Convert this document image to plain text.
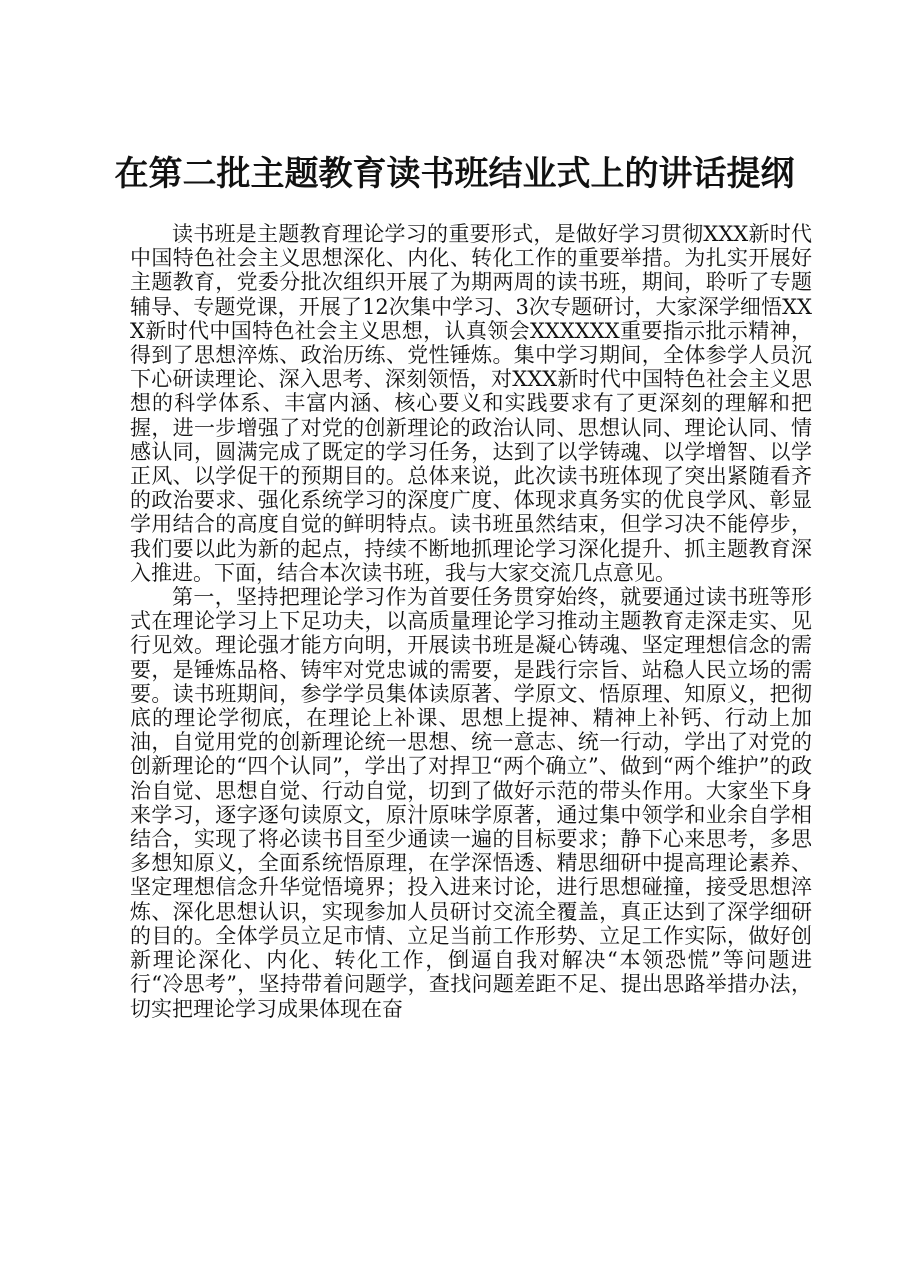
在第二批主题教育读书班结业式上的讲话提纲

读书班是主题教育理论学习的重要形式，是做好学习贯彻XXX新时代中国特色社会主义思想深化、内化、转化工作的重要举措。为扎实开展好主题教育，党委分批次组织开展了为期两周的读书班，期间，聆听了专题辅导、专题党课，开展了12次集中学习、3次专题研讨，大家深学细悟XXX新时代中国特色社会主义思想，认真领会XXXXXX重要指示批示精神，得到了思想淬炼、政治历练、党性锤炼。集中学习期间，全体参学人员沉下心研读理论、深入思考、深刻领悟，对XXX新时代中国特色社会主义思想的科学体系、丰富内涵、核心要义和实践要求有了更深刻的理解和把握，进一步增强了对党的创新理论的政治认同、思想认同、理论认同、情感认同，圆满完成了既定的学习任务，达到了以学铸魂、以学增智、以学正风、以学促干的预期目的。总体来说，此次读书班体现了突出紧随看齐的政治要求、强化系统学习的深度广度、体现求真务实的优良学风、彰显学用结合的高度自觉的鲜明特点。读书班虽然结束，但学习决不能停步，我们要以此为新的起点，持续不断地抓理论学习深化提升、抓主题教育深入推进。下面，结合本次读书班，我与大家交流几点意见。

第一，坚持把理论学习作为首要任务贯穿始终，就要通过读书班等形式在理论学习上下足功夫，以高质量理论学习推动主题教育走深走实、见行见效。理论强才能方向明，开展读书班是凝心铸魂、坚定理想信念的需要，是锤炼品格、铸牢对党忠诚的需要，是践行宗旨、站稳人民立场的需要。读书班期间，参学学员集体读原著、学原文、悟原理、知原义，把彻底的理论学彻底，在理论上补课、思想上提神、精神上补钙、行动上加油，自觉用党的创新理论统一思想、统一意志、统一行动，学出了对党的创新理论的“四个认同”，学出了对捍卫“两个确立”、做到“两个维护”的政治自觉、思想自觉、行动自觉，切到了做好示范的带头作用。大家坐下身来学习，逐字逐句读原文，原汁原味学原著，通过集中领学和业余自学相结合，实现了将必读书目至少通读一遍的目标要求；静下心来思考，多思多想知原义，全面系统悟原理，在学深悟透、精思细研中提高理论素养、坚定理想信念升华觉悟境界；投入进来讨论，进行思想碰撞，接受思想淬炼、深化思想认识，实现参加人员研讨交流全覆盖，真正达到了深学细研的目的。全体学员立足市情、立足当前工作形势、立足工作实际，做好创新理论深化、内化、转化工作，倒逼自我对解决“本领恐慌”等问题进行“冷思考”，坚持带着问题学，查找问题差距不足、提出思路举措办法，切实把理论学习成果体现在奋
